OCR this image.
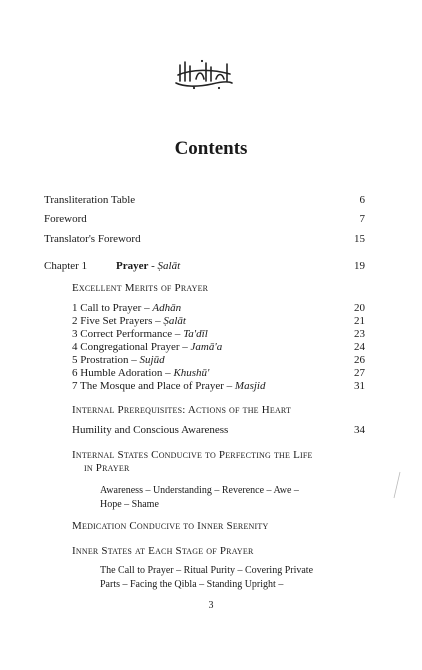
Contents
Transliteration Table	6
Foreword	7
Translator's Foreword	15
Chapter 1	Prayer - Ṣalāt	19
Excellent Merits of Prayer
1 Call to Prayer – Adhān	20
2 Five Set Prayers – Ṣalāt	21
3 Correct Performance – Ta'dīl	23
4 Congregational Prayer – Jamā'a	24
5 Prostration – Sujūd	26
6 Humble Adoration – Khushū'	27
7 The Mosque and Place of Prayer – Masjid	31
Internal Prerequisites: Actions of the Heart
Humility and Conscious Awareness	34
Internal States Conducive to Perfecting the Life
in Prayer
Awareness – Understanding – Reverence – Awe –
Hope – Shame
Medication Conducive to Inner Serenity
Inner States at Each Stage of Prayer
The Call to Prayer – Ritual Purity – Covering Private
Parts – Facing the Qibla – Standing Upright –
3
